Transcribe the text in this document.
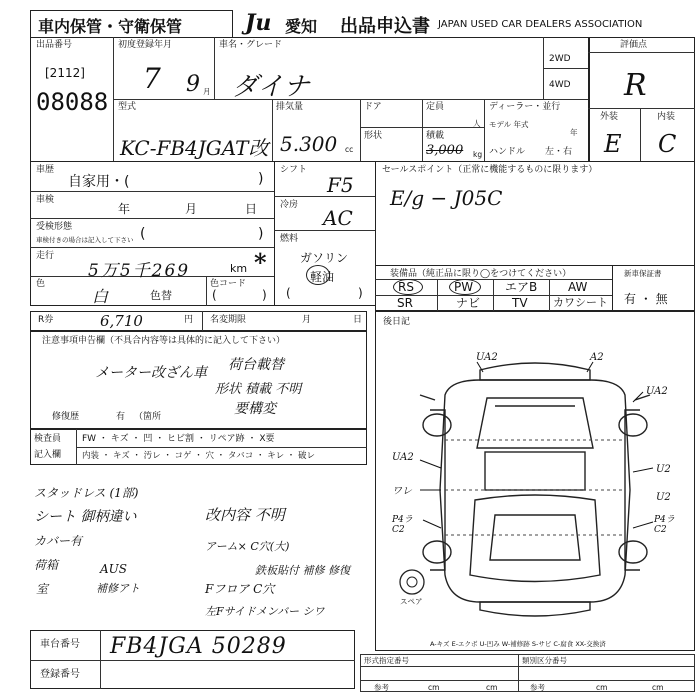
車内保管・守衛保管	Ju 愛知 出品申込書 JAPAN USED CAR DEALERS ASSOCIATION
出品番号
[2112]
08088
初度登録年月
7 9 月
車名・グレード
ダイナ
2WD
4WD
評価点
R
外装	内装
E C
型式
KC-FB4JGAT改
排気量
5.300 cc
ドア
形状
定員
人
積載
3,000 kg
ディーラー・並行
モデル 年式
年
ハンドル 左・右
車歴
自家用・(	)
車検
年	月	日
受検形態
車検付きの場合は記入して下さい (	)
走行
5万5千269	km *
色
白	色替
色コード
(	)
シフト
F5
冷房
AC
燃料
ガソリン
軽油
(	)
セールスポイント（正常に機能するものに限ります）
E/g − J05C
装備品（純正品に限り◯をつけてください）
RS	PW	エアB	AW
SR	ナビ	TV カワシート
新車保証書
有 ・ 無
R券	6,710	円 名変期限	月	日
注意事項申告欄（不具合内容等は具体的に記入して下さい）
メーター改ざん車 荷台載替
形状 積載 不明
要構変
修復歴	有 （箇所
後日記
UA2	A2
UA2
UA2
U2
ワレ
U2
P4ラ C2
P4ラ C2
スペア
A-キズ E-エクボ U-凹み W-補修跡 S-サビ C-腐食 XX-交換済
検査員
記入欄
FW ・ キズ ・ 凹 ・ ヒビ割 ・ リペア跡 ・ X要
内装 ・ キズ ・ 汚レ ・ コゲ ・ 穴 ・ タバコ ・ キレ ・ 破レ
スタッドレス (1部)
シート 御柄違い	改内容 不明
カバー有	アーム× C穴(大)
荷箱	AUS	鉄板貼付 補修 修復
室	補修アト	Fフロア C穴
左Fサイドメンバー シワ
車台番号 FB4JGA 50289
登録番号
形式指定番号	類別区分番号
参考	参考
cm	cm	cm	cm
